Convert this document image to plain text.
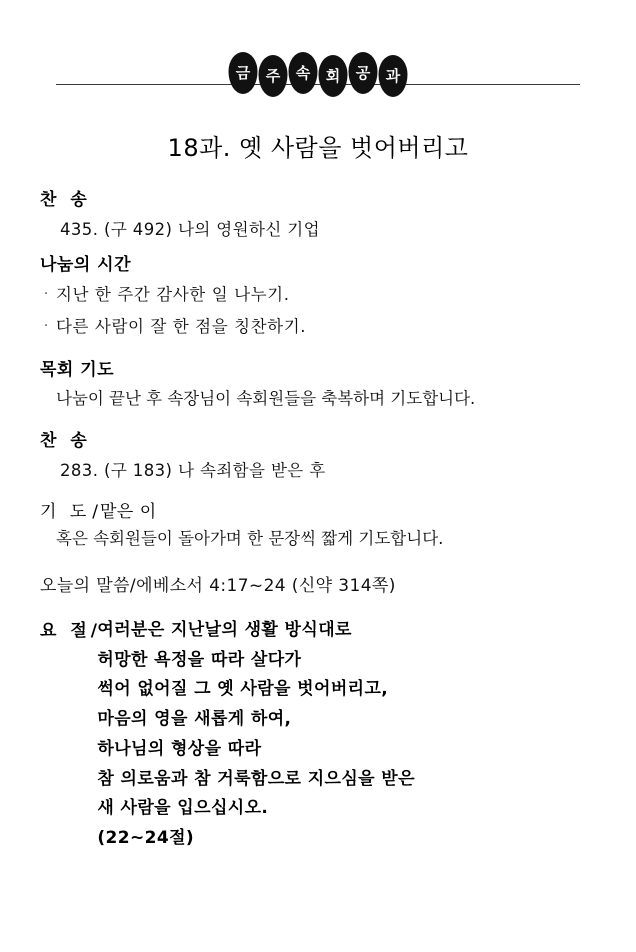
금	주	속	회	공	과
18과. 옛 사람을 벗어버리고
찬 송
435. (구 492) 나의 영원하신 기업
나눔의 시간
· 지난 한 주간 감사한 일 나누기.
· 다른 사람이 잘 한 점을 칭찬하기.
목회 기도
나눔이 끝난 후 속장님이 속회원들을 축복하며 기도합니다.
찬 송
283. (구 183) 나 속죄함을 받은 후
기 도 / 맡은 이
혹은 속회원들이 돌아가며 한 문장씩 짧게 기도합니다.
오늘의 말씀/에베소서 4:17~24 (신약 314쪽)
요 절/ 여러분은 지난날의 생활 방식대로
허망한 욕정을 따라 살다가
썩어 없어질 그 옛 사람을 벗어버리고,
마음의 영을 새롭게 하여,
하나님의 형상을 따라
참 의로움과 참 거룩함으로 지으심을 받은
새 사람을 입으십시오.
(22~24절)
